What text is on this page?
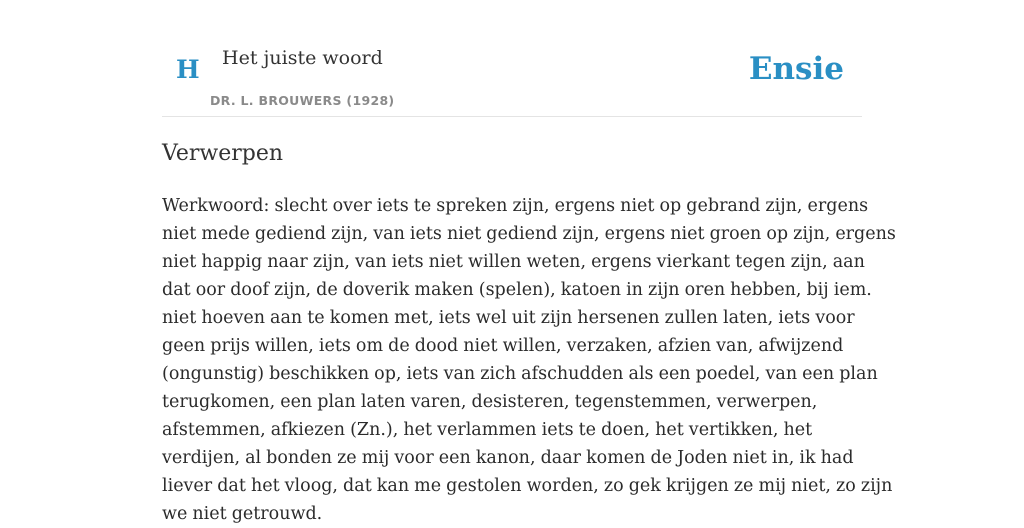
H Het juiste woord
DR. L. BROUWERS (1928)
Ensie
Verwerpen

Werkwoord: slecht over iets te spreken zijn, ergens niet op gebrand zijn, ergens
niet mede gediend zijn, van iets niet gediend zijn, ergens niet groen op zijn, ergens
niet happig naar zijn, van iets niet willen weten, ergens vierkant tegen zijn, aan
dat oor doof zijn, de doverik maken (spelen), katoen in zijn oren hebben, bij iem.
niet hoeven aan te komen met, iets wel uit zijn hersenen zullen laten, iets voor
geen prijs willen, iets om de dood niet willen, verzaken, afzien van, afwijzend
(ongunstig) beschikken op, iets van zich afschudden als een poedel, van een plan
terugkomen, een plan laten varen, desisteren, tegenstemmen, verwerpen,
afstemmen, afkiezen (Zn.), het verlammen iets te doen, het vertikken, het
verdijen, al bonden ze mij voor een kanon, daar komen de Joden niet in, ik had
liever dat het vloog, dat kan me gestolen worden, zo gek krijgen ze mij niet, zo zijn
we niet getrouwd.
